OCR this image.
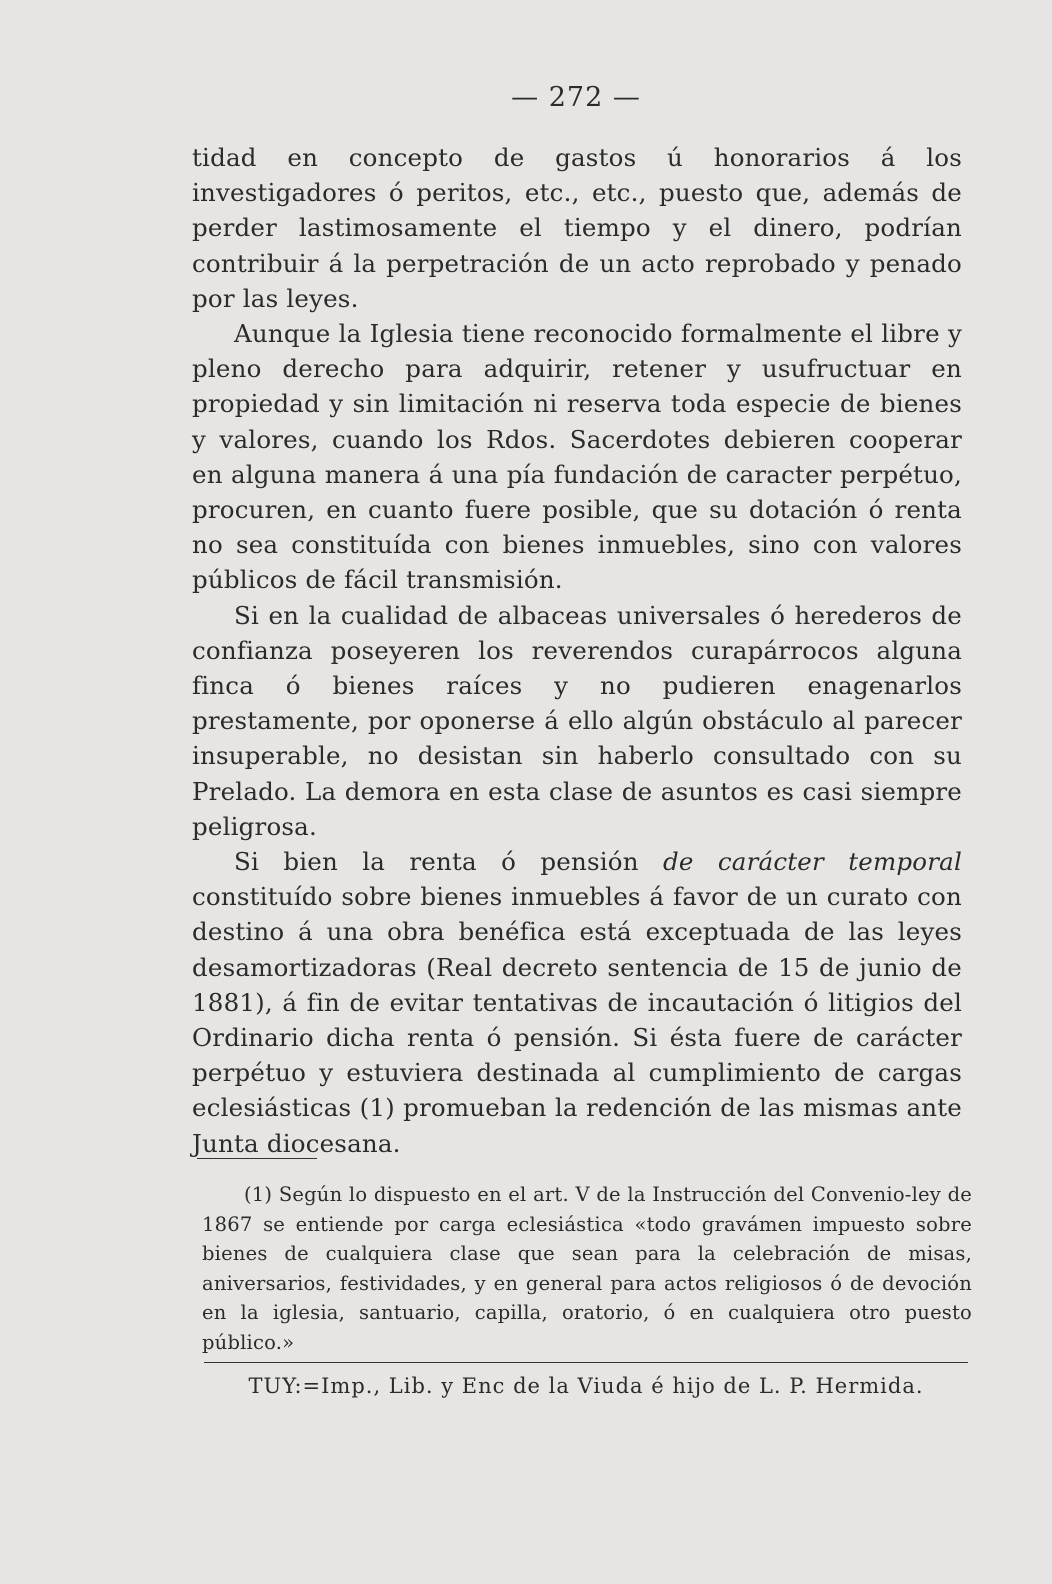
— 272 —

tidad en concepto de gastos ú honorarios á los investigadores ó peritos, etc., etc., puesto que, además de perder lastimosamente el tiempo y el dinero, podrían contribuir á la perpetración de un acto reprobado y penado por las leyes.

Aunque la Iglesia tiene reconocido formalmente el libre y pleno derecho para adquirir, retener y usufructuar en propiedad y sin limitación ni reserva toda especie de bienes y valores, cuando los Rdos. Sacerdotes debieren cooperar en alguna manera á una pía fundación de caracter perpétuo, procuren, en cuanto fuere posible, que su dotación ó renta no sea constituída con bienes inmuebles, sino con valores públicos de fácil transmisión.

Si en la cualidad de albaceas universales ó herederos de confianza poseyeren los reverendos curapárrocos alguna finca ó bienes raíces y no pudieren enagenarlos prestamente, por oponerse á ello algún obstáculo al parecer insuperable, no desistan sin haberlo consultado con su Prelado. La demora en esta clase de asuntos es casi siempre peligrosa.

Si bien la renta ó pensión de carácter temporal constituído sobre bienes inmuebles á favor de un curato con destino á una obra benéfica está exceptuada de las leyes desamortizadoras (Real decreto sentencia de 15 de junio de 1881), á fin de evitar tentativas de incautación ó litigios del Ordinario dicha renta ó pensión. Si ésta fuere de carácter perpétuo y estuviera destinada al cumplimiento de cargas eclesiásticas (1) promueban la redención de las mismas ante Junta diocesana.

(1) Según lo dispuesto en el art. V de la Instrucción del Convenio-ley de 1867 se entiende por carga eclesiástica «todo gravámen impuesto sobre bienes de cualquiera clase que sean para la celebración de misas, aniversarios, festividades, y en general para actos religiosos ó de devoción en la iglesia, santuario, capilla, oratorio, ó en cualquiera otro puesto público.»

TUY:=Imp., Lib. y Enc de la Viuda é hijo de L. P. Hermida.
